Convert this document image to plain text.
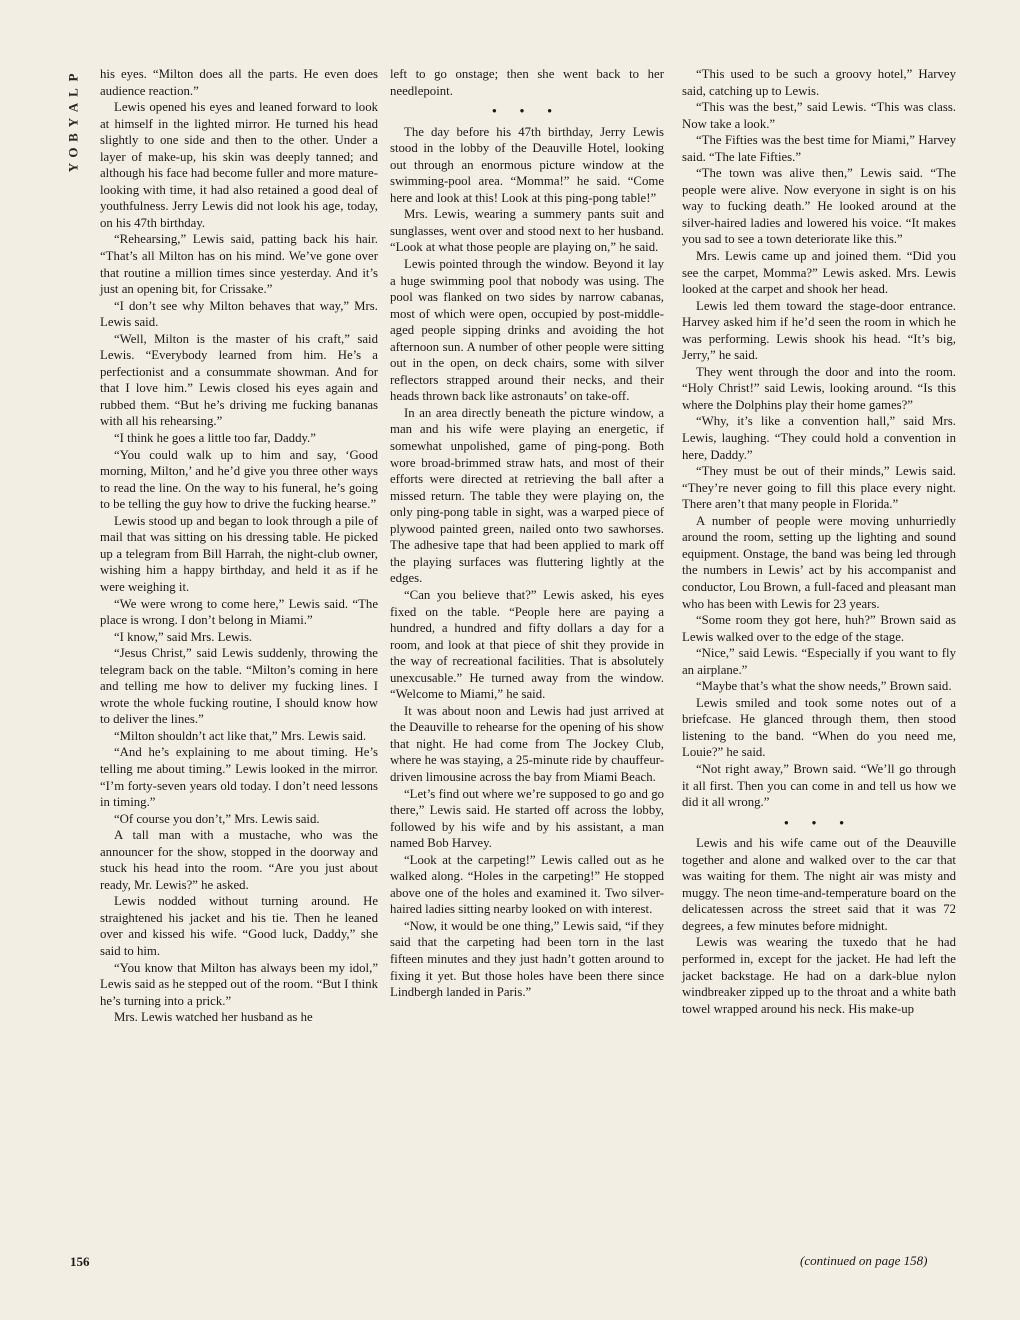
P
L
A
Y
B
O
Y

his eyes. “Milton does all the parts. He even does audience reaction.”

Lewis opened his eyes and leaned forward to look at himself in the lighted mirror. He turned his head slightly to one side and then to the other. Under a layer of make-up, his skin was deeply tanned; and although his face had become fuller and more mature-looking with time, it had also retained a good deal of youthfulness. Jerry Lewis did not look his age, today, on his 47th birthday.

“Rehearsing,” Lewis said, patting back his hair. “That’s all Milton has on his mind. We’ve gone over that routine a million times since yesterday. And it’s just an opening bit, for Crissake.”

“I don’t see why Milton behaves that way,” Mrs. Lewis said.

“Well, Milton is the master of his craft,” said Lewis. “Everybody learned from him. He’s a perfectionist and a consummate showman. And for that I love him.” Lewis closed his eyes again and rubbed them. “But he’s driving me fucking bananas with all his rehearsing.”

“I think he goes a little too far, Daddy.”

“You could walk up to him and say, ‘Good morning, Milton,’ and he’d give you three other ways to read the line. On the way to his funeral, he’s going to be telling the guy how to drive the fucking hearse.”

Lewis stood up and began to look through a pile of mail that was sitting on his dressing table. He picked up a telegram from Bill Harrah, the night-club owner, wishing him a happy birthday, and held it as if he were weighing it.

“We were wrong to come here,” Lewis said. “The place is wrong. I don’t belong in Miami.”

“I know,” said Mrs. Lewis.

“Jesus Christ,” said Lewis suddenly, throwing the telegram back on the table. “Milton’s coming in here and telling me how to deliver my fucking lines. I wrote the whole fucking routine, I should know how to deliver the lines.”

“Milton shouldn’t act like that,” Mrs. Lewis said.

“And he’s explaining to me about timing. He’s telling me about timing.” Lewis looked in the mirror. “I’m forty-seven years old today. I don’t need lessons in timing.”

“Of course you don’t,” Mrs. Lewis said.

A tall man with a mustache, who was the announcer for the show, stopped in the doorway and stuck his head into the room. “Are you just about ready, Mr. Lewis?” he asked.

Lewis nodded without turning around. He straightened his jacket and his tie. Then he leaned over and kissed his wife. “Good luck, Daddy,” she said to him.

“You know that Milton has always been my idol,” Lewis said as he stepped out of the room. “But I think he’s turning into a prick.”

Mrs. Lewis watched her husband as he

left to go onstage; then she went back to her needlepoint.

• • •

The day before his 47th birthday, Jerry Lewis stood in the lobby of the Deauville Hotel, looking out through an enormous picture window at the swimming-pool area. “Momma!” he said. “Come here and look at this! Look at this ping-pong table!”

Mrs. Lewis, wearing a summery pants suit and sunglasses, went over and stood next to her husband. “Look at what those people are playing on,” he said.

Lewis pointed through the window. Beyond it lay a huge swimming pool that nobody was using. The pool was flanked on two sides by narrow cabanas, most of which were open, occupied by post-middle-aged people sipping drinks and avoiding the hot afternoon sun. A number of other people were sitting out in the open, on deck chairs, some with silver reflectors strapped around their necks, and their heads thrown back like astronauts’ on take-off.

In an area directly beneath the picture window, a man and his wife were playing an energetic, if somewhat unpolished, game of ping-pong. Both wore broad-brimmed straw hats, and most of their efforts were directed at retrieving the ball after a missed return. The table they were playing on, the only ping-pong table in sight, was a warped piece of plywood painted green, nailed onto two sawhorses. The adhesive tape that had been applied to mark off the playing surfaces was fluttering lightly at the edges.

“Can you believe that?” Lewis asked, his eyes fixed on the table. “People here are paying a hundred, a hundred and fifty dollars a day for a room, and look at that piece of shit they provide in the way of recreational facilities. That is absolutely unexcusable.” He turned away from the window. “Welcome to Miami,” he said.

It was about noon and Lewis had just arrived at the Deauville to rehearse for the opening of his show that night. He had come from The Jockey Club, where he was staying, a 25-minute ride by chauffeur-driven limousine across the bay from Miami Beach.

“Let’s find out where we’re supposed to go and go there,” Lewis said. He started off across the lobby, followed by his wife and by his assistant, a man named Bob Harvey.

“Look at the carpeting!” Lewis called out as he walked along. “Holes in the carpeting!” He stopped above one of the holes and examined it. Two silver-haired ladies sitting nearby looked on with interest.

“Now, it would be one thing,” Lewis said, “if they said that the carpeting had been torn in the last fifteen minutes and they just hadn’t gotten around to fixing it yet. But those holes have been there since Lindbergh landed in Paris.”

“This used to be such a groovy hotel,” Harvey said, catching up to Lewis.

“This was the best,” said Lewis. “This was class. Now take a look.”

“The Fifties was the best time for Miami,” Harvey said. “The late Fifties.”

“The town was alive then,” Lewis said. “The people were alive. Now everyone in sight is on his way to fucking death.” He looked around at the silver-haired ladies and lowered his voice. “It makes you sad to see a town deteriorate like this.”

Mrs. Lewis came up and joined them. “Did you see the carpet, Momma?” Lewis asked. Mrs. Lewis looked at the carpet and shook her head.

Lewis led them toward the stage-door entrance. Harvey asked him if he’d seen the room in which he was performing. Lewis shook his head. “It’s big, Jerry,” he said.

They went through the door and into the room. “Holy Christ!” said Lewis, looking around. “Is this where the Dolphins play their home games?”

“Why, it’s like a convention hall,” said Mrs. Lewis, laughing. “They could hold a convention in here, Daddy.”

“They must be out of their minds,” Lewis said. “They’re never going to fill this place every night. There aren’t that many people in Florida.”

A number of people were moving unhurriedly around the room, setting up the lighting and sound equipment. Onstage, the band was being led through the numbers in Lewis’ act by his accompanist and conductor, Lou Brown, a full-faced and pleasant man who has been with Lewis for 23 years.

“Some room they got here, huh?” Brown said as Lewis walked over to the edge of the stage.

“Nice,” said Lewis. “Especially if you want to fly an airplane.”

“Maybe that’s what the show needs,” Brown said.

Lewis smiled and took some notes out of a briefcase. He glanced through them, then stood listening to the band. “When do you need me, Louie?” he said.

“Not right away,” Brown said. “We’ll go through it all first. Then you can come in and tell us how we did it all wrong.”

• • •

Lewis and his wife came out of the Deauville together and alone and walked over to the car that was waiting for them. The night air was misty and muggy. The neon time-and-temperature board on the delicatessen across the street said that it was 72 degrees, a few minutes before midnight.

Lewis was wearing the tuxedo that he had performed in, except for the jacket. He had left the jacket backstage. He had on a dark-blue nylon windbreaker zipped up to the throat and a white bath towel wrapped around his neck. His make-up

156	(continued on page 158)
